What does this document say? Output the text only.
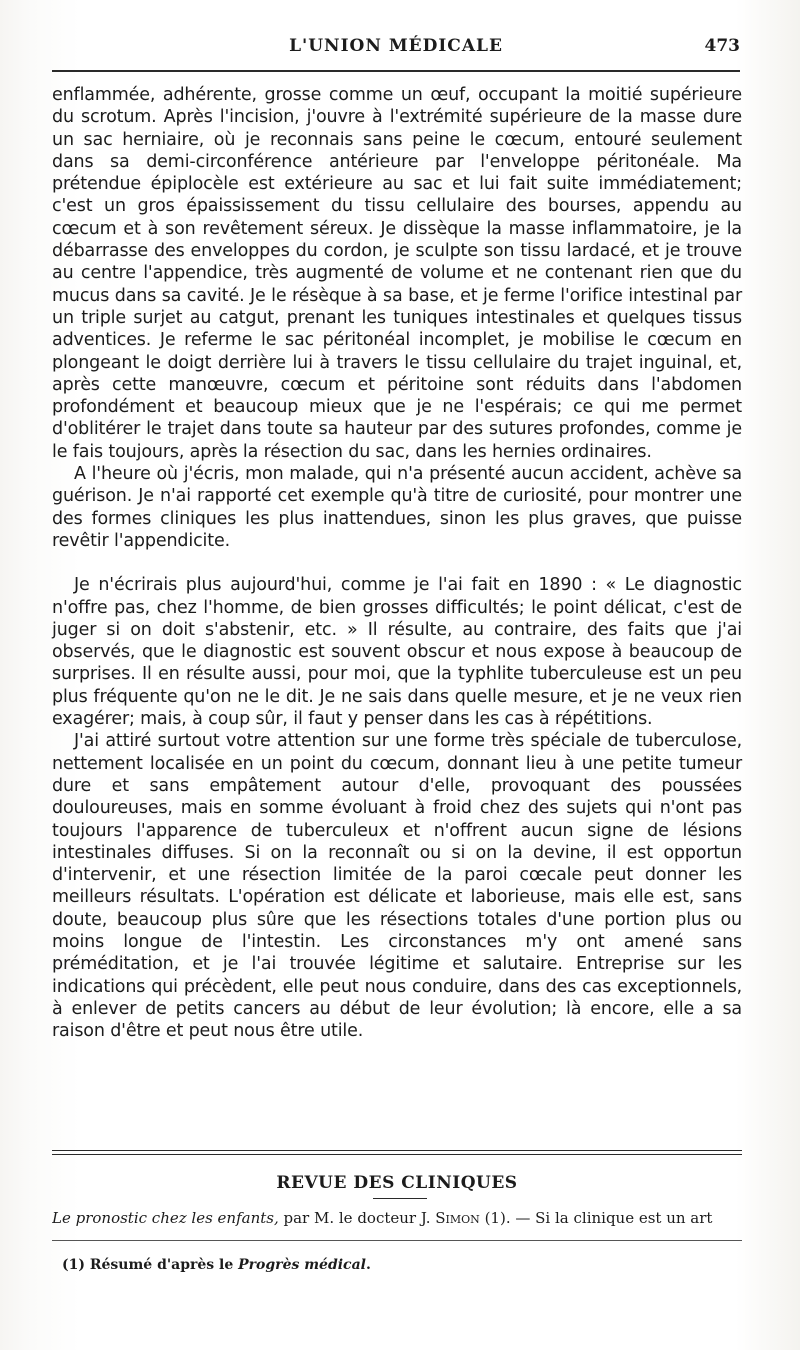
L'UNION MÉDICALE	473

enflammée, adhérente, grosse comme un œuf, occupant la moitié supérieure du scrotum. Après l'incision, j'ouvre à l'extrémité supérieure de la masse dure un sac herniaire, où je reconnais sans peine le cœcum, entouré seulement dans sa demi-circonférence antérieure par l'enveloppe péritonéale. Ma prétendue épiplocèle est extérieure au sac et lui fait suite immédiatement; c'est un gros épaississement du tissu cellulaire des bourses, appendu au cœcum et à son revêtement séreux. Je dissèque la masse inflammatoire, je la débarrasse des enveloppes du cordon, je sculpte son tissu lardacé, et je trouve au centre l'appendice, très augmenté de volume et ne contenant rien que du mucus dans sa cavité. Je le résèque à sa base, et je ferme l'orifice intestinal par un triple surjet au catgut, prenant les tuniques intestinales et quelques tissus adventices. Je referme le sac péritonéal incomplet, je mobilise le cœcum en plongeant le doigt derrière lui à travers le tissu cellulaire du trajet inguinal, et, après cette manœuvre, cœcum et péritoine sont réduits dans l'abdomen profondément et beaucoup mieux que je ne l'espérais; ce qui me permet d'oblitérer le trajet dans toute sa hauteur par des sutures profondes, comme je le fais toujours, après la résection du sac, dans les hernies ordinaires.

A l'heure où j'écris, mon malade, qui n'a présenté aucun accident, achève sa guérison. Je n'ai rapporté cet exemple qu'à titre de curiosité, pour montrer une des formes cliniques les plus inattendues, sinon les plus graves, que puisse revêtir l'appendicite.

Je n'écrirais plus aujourd'hui, comme je l'ai fait en 1890 : « Le diagnostic n'offre pas, chez l'homme, de bien grosses difficultés; le point délicat, c'est de juger si on doit s'abstenir, etc. » Il résulte, au contraire, des faits que j'ai observés, que le diagnostic est souvent obscur et nous expose à beaucoup de surprises. Il en résulte aussi, pour moi, que la typhlite tuberculeuse est un peu plus fréquente qu'on ne le dit. Je ne sais dans quelle mesure, et je ne veux rien exagérer; mais, à coup sûr, il faut y penser dans les cas à répétitions.

J'ai attiré surtout votre attention sur une forme très spéciale de tuberculose, nettement localisée en un point du cœcum, donnant lieu à une petite tumeur dure et sans empâtement autour d'elle, provoquant des poussées douloureuses, mais en somme évoluant à froid chez des sujets qui n'ont pas toujours l'apparence de tuberculeux et n'offrent aucun signe de lésions intestinales diffuses. Si on la reconnaît ou si on la devine, il est opportun d'intervenir, et une résection limitée de la paroi cœcale peut donner les meilleurs résultats. L'opération est délicate et laborieuse, mais elle est, sans doute, beaucoup plus sûre que les résections totales d'une portion plus ou moins longue de l'intestin. Les circonstances m'y ont amené sans préméditation, et je l'ai trouvée légitime et salutaire. Entreprise sur les indications qui précèdent, elle peut nous conduire, dans des cas exceptionnels, à enlever de petits cancers au début de leur évolution; là encore, elle a sa raison d'être et peut nous être utile.

REVUE DES CLINIQUES
Le pronostic chez les enfants, par M. le docteur J. Simon (1). — Si la clinique est un art
(1) Résumé d'après le Progrès médical.
